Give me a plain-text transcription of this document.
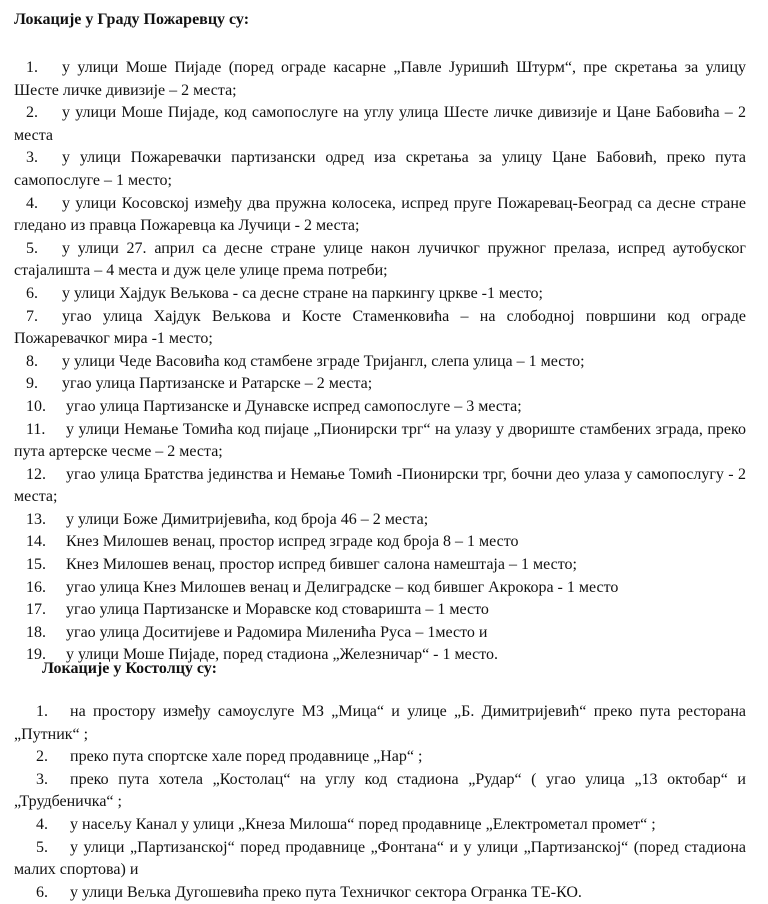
Локације у Граду Пожаревцу су:

1. у улици Моше Пијаде (поред ограде касарне „Павле Јуришић Штурм“, пре скретања за улицу Шесте личке дивизије – 2 места;

2. у улици Моше Пијаде, код самопослуге на углу улица Шесте личке дивизије и Цане Бабовића – 2 места

3. у улици Пожаревачки партизански одред иза скретања за улицу Цане Бабовић, преко пута самопослуге – 1 место;

4. у улици Косовској између два пружна колосека, испред пруге Пожаревац-Београд са десне стране гледано из правца Пожаревца ка Лучици - 2 места;

5. у улици 27. април са десне стране улице након лучичког пружног прелаза, испред аутобуског стајалишта – 4 места и дуж целе улице према потреби;

6. у улици Хајдук Вељкова - са десне стране на паркингу цркве -1 место;

7. угао улица Хајдук Вељкова и Косте Стаменковића – на слободној површини код ограде Пожаревачког мира -1 место;

8. у улици Чеде Васовића код стамбене зграде Тријангл, слепа улица – 1 место;

9. угао улица Партизанске и Ратарске – 2 места;

10. угао улица Партизанске и Дунавске испред самопослуге – 3 места;

11. у улици Немање Томића код пијаце „Пионирски трг“ на улазу у двориште стамбених зграда, преко пута артерске чесме – 2 места;

12. угао улица Братства јединства и Немање Томић -Пионирски трг, бочни део улаза у самопослугу - 2 места;

13. у улици Боже Димитријевића, код броја 46 – 2 места;

14. Кнез Милошев венац, простор испред зграде код броја 8 – 1 место

15. Кнез Милошев венац, простор испред бившег салона намештаја – 1 место;

16. угао улица Кнез Милошев венац и Делиградске – код бившег Акрокора - 1 место

17. угао улица Партизанске и Моравске код стоваришта – 1 место

18. угао улица Доситијеве и Радомира Миленића Руса – 1место и

19. у улици Моше Пијаде, поред стадиона „Железничар“ - 1 место.

Локације у Костолцу су:

1. на простору између самоуслуге МЗ „Мица“ и улице „Б. Димитријевић“ преко пута ресторана „Путник“ ;

2. преко пута спортске хале поред продавнице „Нар“ ;

3. преко пута хотела „Костолац“ на углу код стадиона „Рудар“ ( угао улица „13 октобар“ и „Трудбеничка“ ;

4. у насељу Канал у улици „Кнеза Милоша“ поред продавнице „Електрометал промет“ ;

5. у улици „Партизанској“ поред продавнице „Фонтана“ и у улици „Партизанској“ (поред стадиона малих спортова) и

6. у улици Вељка Дугошевића преко пута Техничког сектора Огранка ТЕ-КО.
